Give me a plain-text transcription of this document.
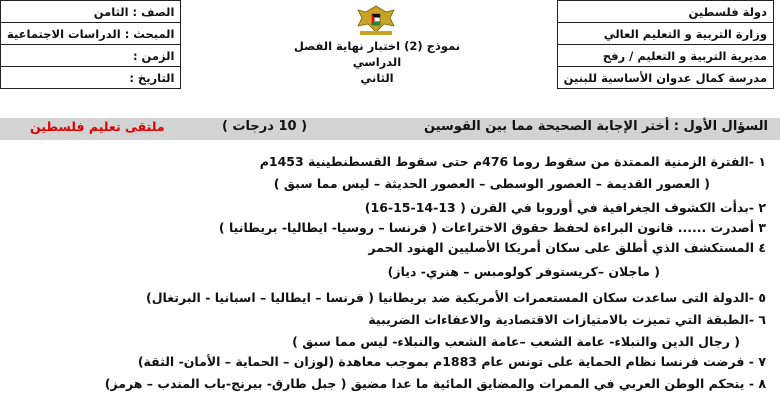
دولة فلسطين
وزارة التربية و التعليم العالي
مديرية التربية و التعليم / رفح
مدرسة كمال عدوان الأساسية للبنين
نموذج (2) اختبار نهاية الفصل الدراسي
الثاني
الصف : الثامن
المبحث : الدراسات الاجتماعية
الزمن :
التاريخ :
السؤال الأول : أختر الإجابة الصحيحة مما بين القوسين
( 10 درجات )
ملتقى تعليم فلسطين
١ -الفترة الزمنية الممتدة من سقوط روما 476م حتى سقوط القسطنطينية 1453م
( العصور القديمة – العصور الوسطى – العصور الحديثة – ليس مما سبق )
٢ -بدأت الكشوف الجغرافية في أوروبا في القرن ( 13-14-15-16)
٣ أصدرت ...... قانون البراءة لحفظ حقوق الاختراعات ( فرنسا – روسيا- ايطاليا- بريطانيا )
٤ المستكشف الذي أطلق على سكان أمريكا الأصليين الهنود الحمر
( ماجلان –كريستوفر كولومبس – هنري- دياز)
٥ -الدولة التى ساعدت سكان المستعمرات الأمريكية ضد بريطانيا ( فرنسا – ايطاليا – اسبانيا - البرتغال)
٦ -الطبقة التي تميزت بالامتيازات الاقتصادية والاعفاءات الضريبية
( رجال الدين والنبلاء- عامة الشعب –عامة الشعب والنبلاء- ليس مما سبق )
٧ - فرضت فرنسا نظام الحماية على تونس عام 1883م بموجب معاهدة (لوزان – الحماية – الأمان- الثقة)
٨ - يتحكم الوطن العربي في الممرات والمضايق المائية ما عدا مضيق ( جبل طارق- بيرنج-باب المندب – هرمز)
